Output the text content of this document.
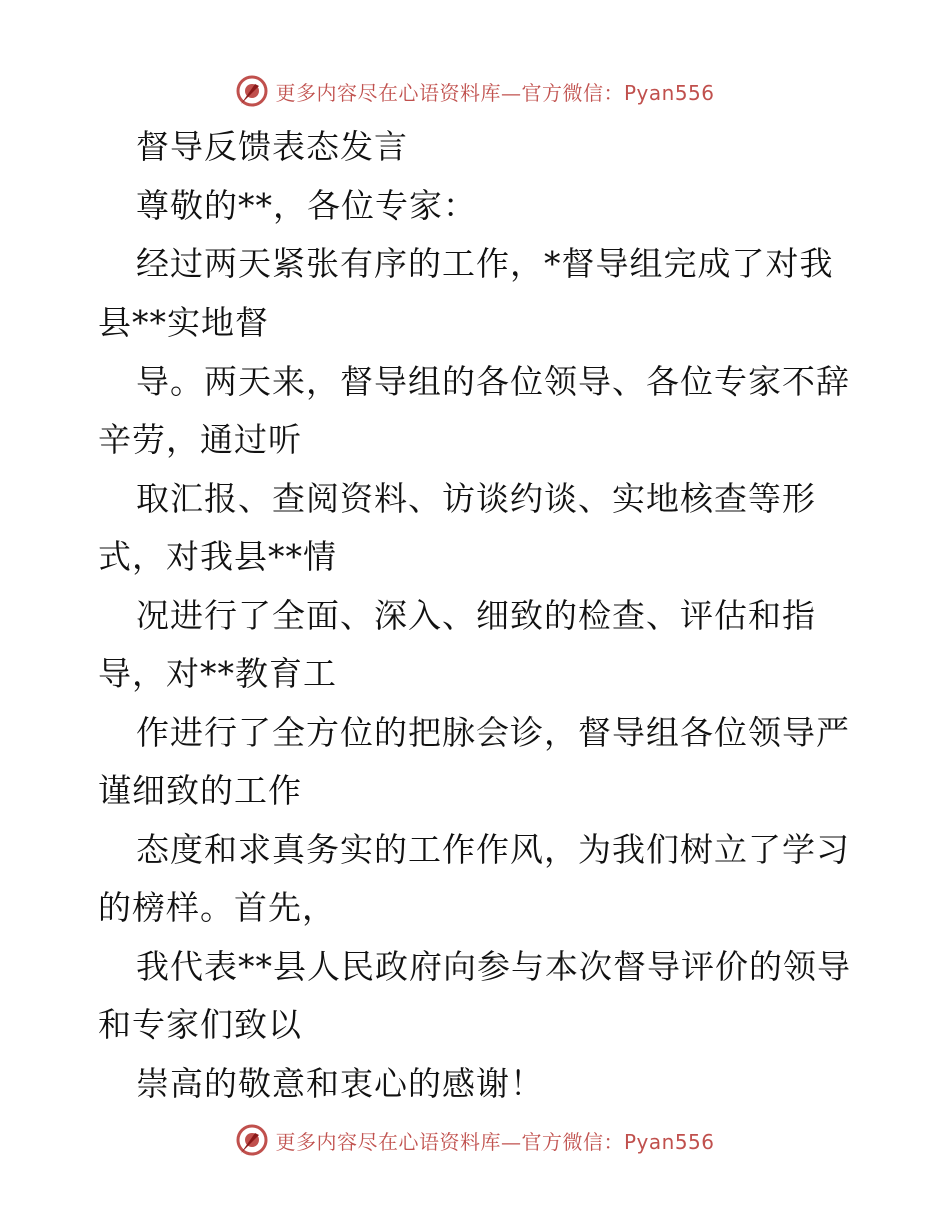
更多内容尽在心语资料库—官方微信：Pyan556
督导反馈表态发言
尊敬的**，各位专家：
经过两天紧张有序的工作，*督导组完成了对我
县**实地督
导。两天来，督导组的各位领导、各位专家不辞
辛劳，通过听
取汇报、查阅资料、访谈约谈、实地核查等形
式，对我县**情
况进行了全面、深入、细致的检查、评估和指
导，对**教育工
作进行了全方位的把脉会诊，督导组各位领导严
谨细致的工作
态度和求真务实的工作作风，为我们树立了学习
的榜样。首先，
我代表**县人民政府向参与本次督导评价的领导
和专家们致以
崇高的敬意和衷心的感谢！
更多内容尽在心语资料库—官方微信：Pyan556
